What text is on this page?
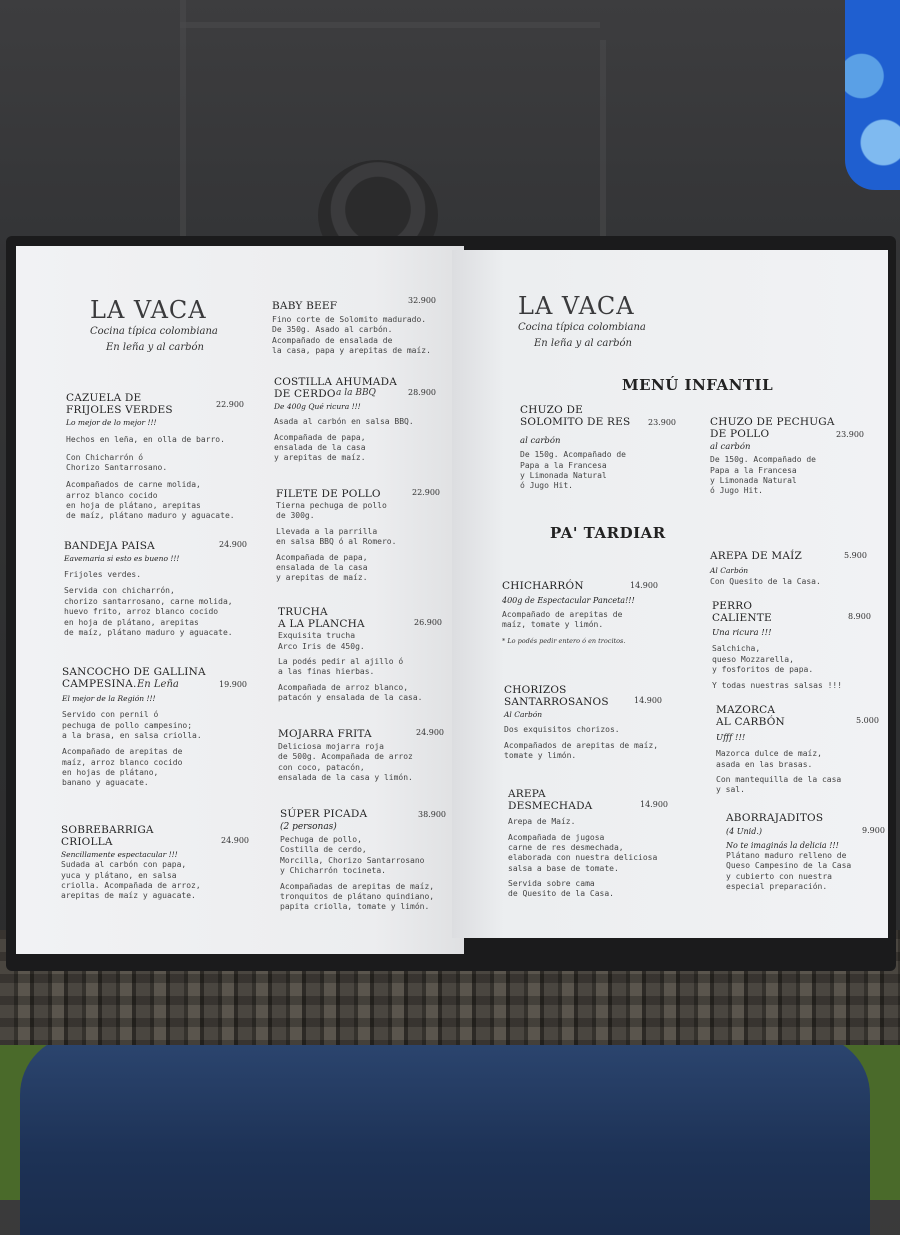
LA VACA
Cocina típica colombiana
En leña y al carbón
CAZUELA DE
FRIJOLES VERDES	22.900
Lo mejor de lo mejor !!!
Hechos en leña, en olla de barro.
Con Chicharrón ó
Chorizo Santarrosano.
Acompañados de carne molida,
arroz blanco cocido
en hoja de plátano, arepitas
de maíz, plátano maduro y aguacate.
BANDEJA PAISA	24.900
Eavemaria si esto es bueno !!!
Frijoles verdes.
Servida con chicharrón,
chorizo santarrosano, carne molida,
huevo frito, arroz blanco cocido
en hoja de plátano, arepitas
de maíz, plátano maduro y aguacate.
SANCOCHO DE GALLINA
CAMPESINA. En Leña	19.900
El mejor de la Región !!!
Servido con pernil ó
pechuga de pollo campesino;
a la brasa, en salsa criolla.
Acompañado de arepitas de
maíz, arroz blanco cocido
en hojas de plátano,
banano y aguacate.
SOBREBARRIGA
CRIOLLA	24.900
Sencillamente espectacular !!!
Sudada al carbón con papa,
yuca y plátano, en salsa
criolla. Acompañada de arroz,
arepitas de maíz y aguacate.
BABY BEEF	32.900
Fino corte de Solomito madurado.
De 350g. Asado al carbón.
Acompañado de ensalada de
la casa, papa y arepitas de maíz.
COSTILLA AHUMADA
DE CERDO a la BBQ	28.900
De 400g Qué ricura !!!
Asada al carbón en salsa BBQ.
Acompañada de papa,
ensalada de la casa
y arepitas de maíz.
FILETE DE POLLO	22.900
Tierna pechuga de pollo
de 300g.
Llevada a la parrilla
en salsa BBQ ó al Romero.
Acompañada de papa,
ensalada de la casa
y arepitas de maíz.
TRUCHA
A LA PLANCHA	26.900
Exquisita trucha
Arco Iris de 450g.
La podés pedir al ajillo ó
a las finas hierbas.
Acompañada de arroz blanco,
patacón y ensalada de la casa.
MOJARRA FRITA	24.900
Deliciosa mojarra roja
de 500g. Acompañada de arroz
con coco, patacón,
ensalada de la casa y limón.
SÚPER PICADA	38.900
(2 personas)
Pechuga de pollo,
Costilla de cerdo,
Morcilla, Chorizo Santarrosano
y Chicharrón tocineta.
Acompañadas de arepitas de maíz,
tronquitos de plátano quindiano,
papita criolla, tomate y limón.
LA VACA
Cocina típica colombiana
En leña y al carbón
MENÚ INFANTIL
CHUZO DE
SOLOMITO DE RES	23.900
al carbón
De 150g. Acompañado de
Papa a la Francesa
y Limonada Natural
ó Jugo Hit.
CHUZO DE PECHUGA
DE POLLO	23.900
al carbón
De 150g. Acompañado de
Papa a la Francesa
y Limonada Natural
ó Jugo Hit.
PA' TARDIAR
CHICHARRÓN	14.900
400g de Espectacular Panceta!!!
Acompañado de arepitas de
maíz, tomate y limón.
* Lo podés pedir entero ó en trocitos.
CHORIZOS
SANTARROSANOS	14.900
Al Carbón
Dos exquisitos chorizos.
Acompañados de arepitas de maíz,
tomate y limón.
AREPA
DESMECHADA	14.900
Arepa de Maíz.
Acompañada de jugosa
carne de res desmechada,
elaborada con nuestra deliciosa
salsa a base de tomate.
Servida sobre cama
de Quesito de la Casa.
AREPA DE MAÍZ	5.900
Al Carbón
Con Quesito de la Casa.
PERRO
CALIENTE	8.900
Una ricura !!!
Salchicha,
queso Mozzarella,
y fosforitos de papa.
Y todas nuestras salsas !!!
MAZORCA
AL CARBÓN	5.000
Ufff !!!
Mazorca dulce de maíz,
asada en las brasas.
Con mantequilla de la casa
y sal.
ABORRAJADITOS
9.900
(4 Unid.)
No te imaginás la delicia !!!
Plátano maduro relleno de
Queso Campesino de la Casa
y cubierto con nuestra
especial preparación.
